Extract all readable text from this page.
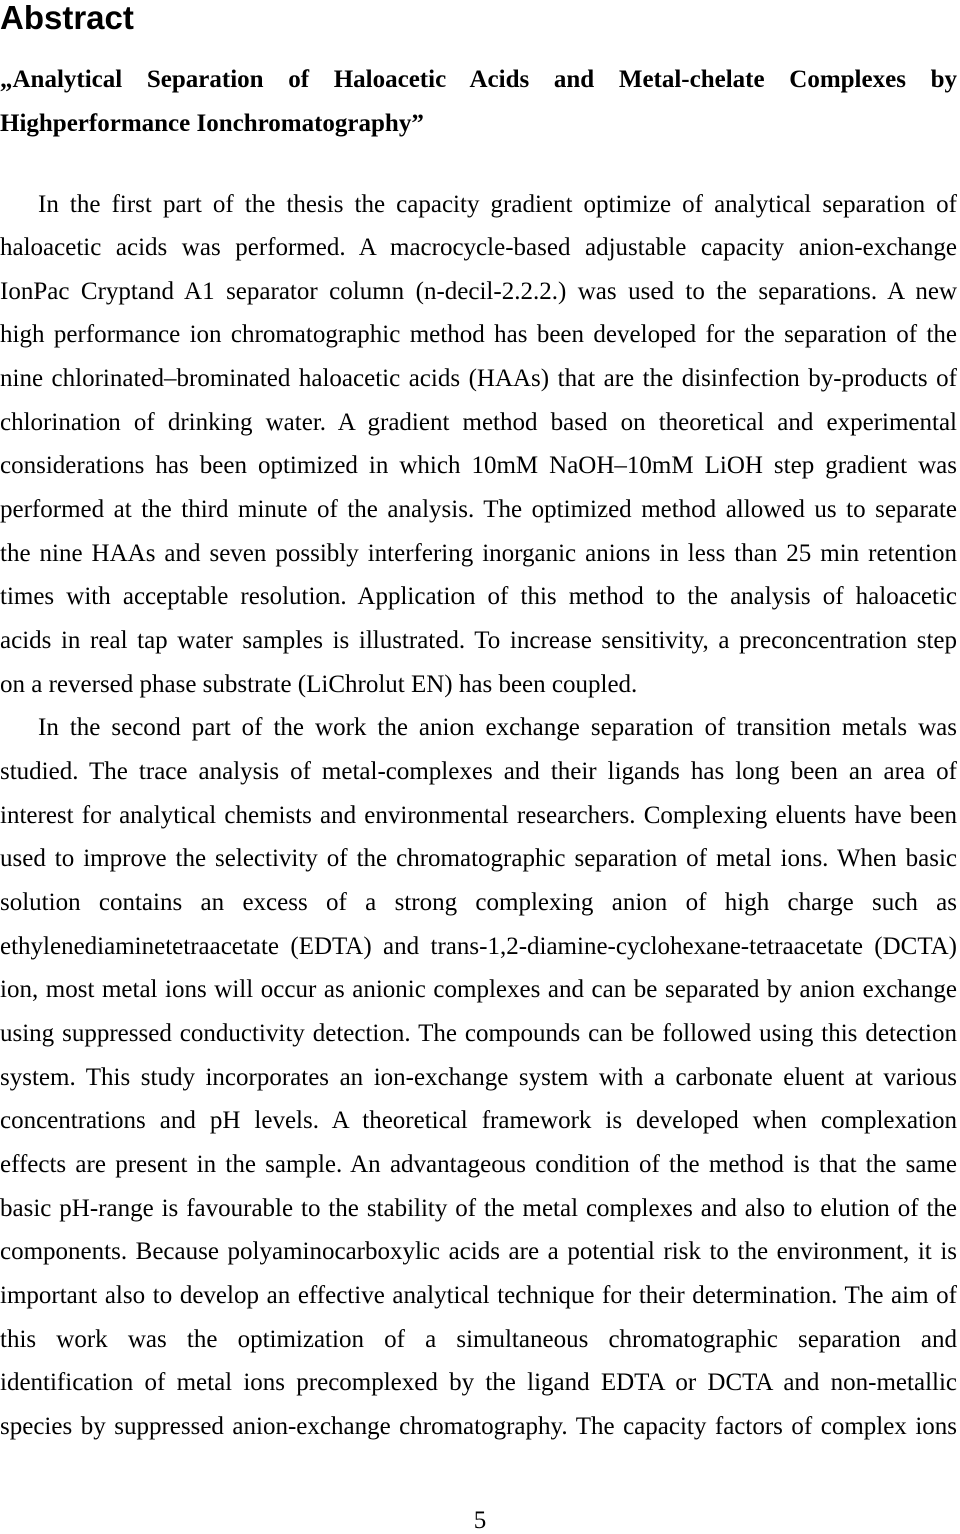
Abstract
„Analytical Separation of Haloacetic Acids and Metal-chelate Complexes by
Highperformance Ionchromatography”
In the first part of the thesis the capacity gradient optimize of analytical separation of
haloacetic acids was performed. A macrocycle-based adjustable capacity anion-exchange
IonPac Cryptand A1 separator column (n-decil-2.2.2.) was used to the separations. A new
high performance ion chromatographic method has been developed for the separation of the
nine chlorinated–brominated haloacetic acids (HAAs) that are the disinfection by-products of
chlorination of drinking water. A gradient method based on theoretical and experimental
considerations has been optimized in which 10mM NaOH–10mM LiOH step gradient was
performed at the third minute of the analysis. The optimized method allowed us to separate
the nine HAAs and seven possibly interfering inorganic anions in less than 25 min retention
times with acceptable resolution. Application of this method to the analysis of haloacetic
acids in real tap water samples is illustrated. To increase sensitivity, a preconcentration step
on a reversed phase substrate (LiChrolut EN) has been coupled.
In the second part of the work the anion exchange separation of transition metals was
studied. The trace analysis of metal-complexes and their ligands has long been an area of
interest for analytical chemists and environmental researchers. Complexing eluents have been
used to improve the selectivity of the chromatographic separation of metal ions. When basic
solution contains an excess of a strong complexing anion of high charge such as
ethylenediaminetetraacetate (EDTA) and trans-1,2-diamine-cyclohexane-tetraacetate (DCTA)
ion, most metal ions will occur as anionic complexes and can be separated by anion exchange
using suppressed conductivity detection. The compounds can be followed using this detection
system. This study incorporates an ion-exchange system with a carbonate eluent at various
concentrations and pH levels. A theoretical framework is developed when complexation
effects are present in the sample. An advantageous condition of the method is that the same
basic pH-range is favourable to the stability of the metal complexes and also to elution of the
components. Because polyaminocarboxylic acids are a potential risk to the environment, it is
important also to develop an effective analytical technique for their determination. The aim of
this work was the optimization of a simultaneous chromatographic separation and
identification of metal ions precomplexed by the ligand EDTA or DCTA and non-metallic
species by suppressed anion-exchange chromatography. The capacity factors of complex ions
5
